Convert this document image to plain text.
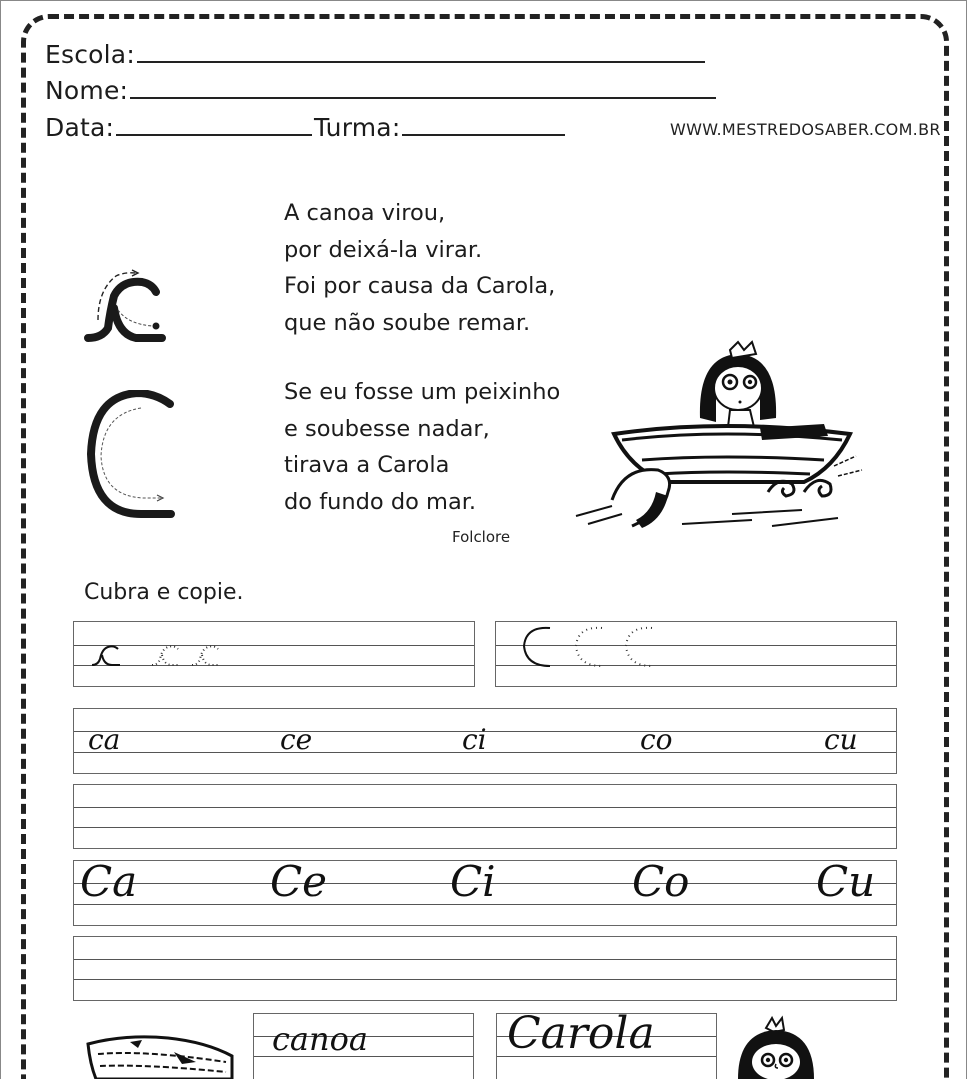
Escola:
Nome:
Data:	Turma:	WWW.MESTREDOSABER.COM.BR
A canoa virou,
por deixá-la virar.
Foi por causa da Carola,
que não soube remar.
Se eu fosse um peixinho
e soubesse nadar,
tirava a Carola
do fundo do mar.
Folclore
Cubra e copie.
ca	ce	ci	co	cu
Ca	Ce	Ci	Co	Cu
canoa	Carola
